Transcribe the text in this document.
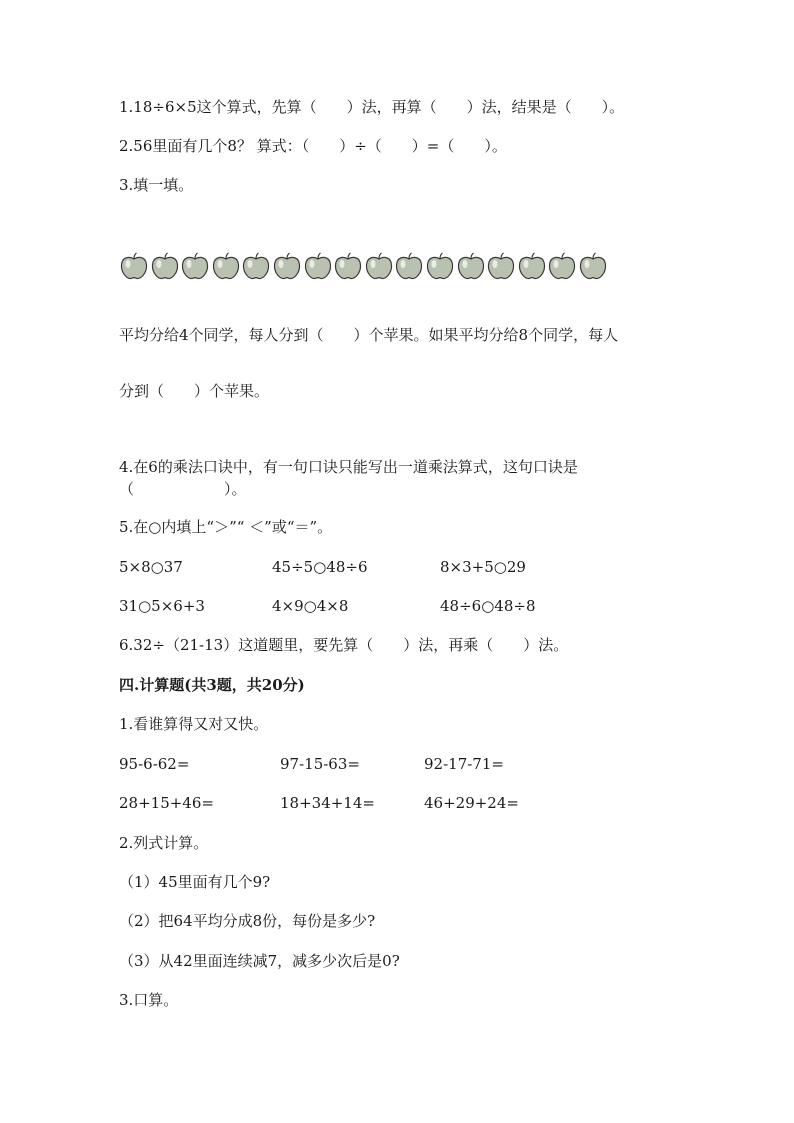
1.18÷6×5这个算式，先算（　　）法，再算（　　）法，结果是（　　）。
2.56里面有几个8？ 算式：（　　）÷（　　）=（　　）。
3.填一填。
平均分给4个同学，每人分到（　　）个苹果。如果平均分给8个同学，每人
分到（　　）个苹果。
4.在6的乘法口诀中，有一句口诀只能写出一道乘法算式，这句口诀是
（　　　　　　）。
5.在○内填上“＞”“ ＜”或“＝”。
5×8○37	45÷5○48÷6	8×3+5○29
31○5×6+3	4×9○4×8	48÷6○48÷8
6.32÷（21-13）这道题里，要先算（　　）法，再乘（　　）法。
四.计算题(共3题，共20分)
1.看谁算得又对又快。
95-6-62=	97-15-63=	92-17-71=
28+15+46=	18+34+14=	46+29+24=
2.列式计算。
（1）45里面有几个9?
（2）把64平均分成8份，每份是多少?
（3）从42里面连续减7，减多少次后是0?
3.口算。
